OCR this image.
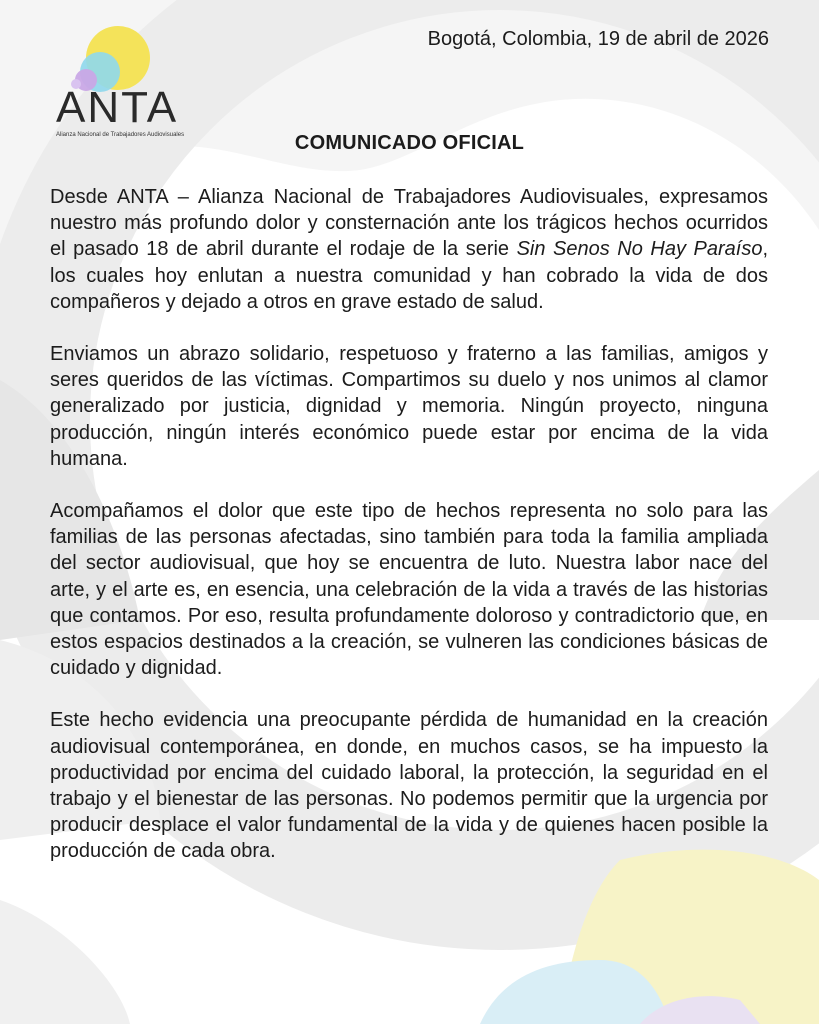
ANTA
Alianza Nacional de Trabajadores Audiovisuales
Bogotá, Colombia, 19 de abril de 2026
COMUNICADO OFICIAL

Desde ANTA – Alianza Nacional de Trabajadores Audiovisuales, expresamos nuestro más profundo dolor y consternación ante los trágicos hechos ocurridos el pasado 18 de abril durante el rodaje de la serie Sin Senos No Hay Paraíso, los cuales hoy enlutan a nuestra comunidad y han cobrado la vida de dos compañeros y dejado a otros en grave estado de salud.

Enviamos un abrazo solidario, respetuoso y fraterno a las familias, amigos y seres queridos de las víctimas. Compartimos su duelo y nos unimos al clamor generalizado por justicia, dignidad y memoria. Ningún proyecto, ninguna producción, ningún interés económico puede estar por encima de la vida humana.

Acompañamos el dolor que este tipo de hechos representa no solo para las familias de las personas afectadas, sino también para toda la familia ampliada del sector audiovisual, que hoy se encuentra de luto. Nuestra labor nace del arte, y el arte es, en esencia, una celebración de la vida a través de las historias que contamos. Por eso, resulta profundamente doloroso y contradictorio que, en estos espacios destinados a la creación, se vulneren las condiciones básicas de cuidado y dignidad.

Este hecho evidencia una preocupante pérdida de humanidad en la creación audiovisual contemporánea, en donde, en muchos casos, se ha impuesto la productividad por encima del cuidado laboral, la protección, la seguridad en el trabajo y el bienestar de las personas. No podemos permitir que la urgencia por producir desplace el valor fundamental de la vida y de quienes hacen posible la producción de cada obra.
